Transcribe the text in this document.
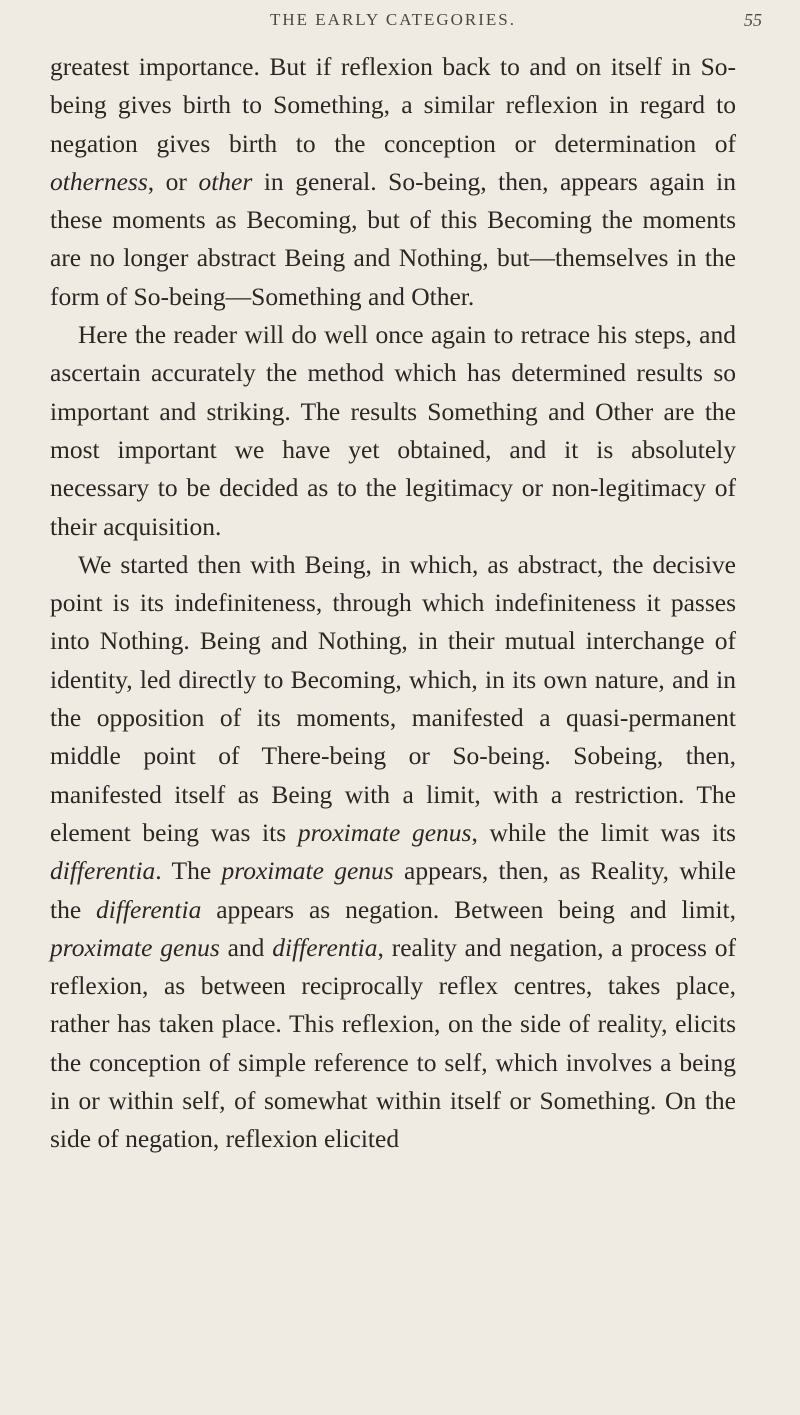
THE EARLY CATEGORIES.	55

greatest importance. But if reflexion back to and on itself in So-being gives birth to Something, a similar reflexion in regard to negation gives birth to the conception or determination of otherness, or other in general. So-being, then, appears again in these moments as Becoming, but of this Becoming the moments are no longer abstract Being and Nothing, but—themselves in the form of So-being—Something and Other.

Here the reader will do well once again to retrace his steps, and ascertain accurately the method which has determined results so important and striking. The results Something and Other are the most important we have yet obtained, and it is absolutely necessary to be decided as to the legitimacy or non-legitimacy of their acquisition.

We started then with Being, in which, as abstract, the decisive point is its indefiniteness, through which indefiniteness it passes into Nothing. Being and Nothing, in their mutual interchange of identity, led directly to Becoming, which, in its own nature, and in the opposition of its moments, manifested a quasi-permanent middle point of There-being or So-being. Sobeing, then, manifested itself as Being with a limit, with a restriction. The element being was its proximate genus, while the limit was its differentia. The proximate genus appears, then, as Reality, while the differentia appears as negation. Between being and limit, proximate genus and differentia, reality and negation, a process of reflexion, as between reciprocally reflex centres, takes place, rather has taken place. This reflexion, on the side of reality, elicits the conception of simple reference to self, which involves a being in or within self, of somewhat within itself or Something. On the side of negation, reflexion elicited
